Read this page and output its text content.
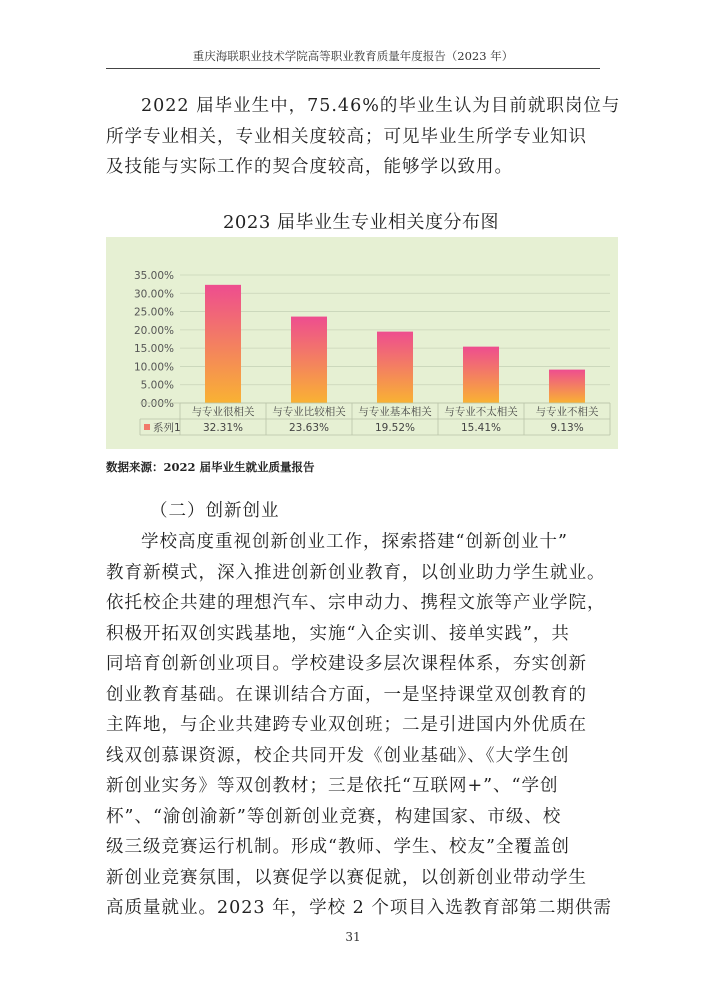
重庆海联职业技术学院高等职业教育质量年度报告（2023 年）
2022 届毕业生中，75.46%的毕业生认为目前就职岗位与
所学专业相关，专业相关度较高；可见毕业生所学专业知识
及技能与实际工作的契合度较高，能够学以致用。
2023 届毕业生专业相关度分布图
0.00%
5.00%
10.00%
15.00%
20.00%
25.00%
30.00%
35.00%
与专业很相关
32.31%
与专业比较相关
23.63%
与专业基本相关
19.52%
与专业不太相关
15.41%
与专业不相关
9.13%
系列1
数据来源：2022 届毕业生就业质量报告
（二）创新创业
学校高度重视创新创业工作，探索搭建“创新创业十”
教育新模式，深入推进创新创业教育，以创业助力学生就业。
依托校企共建的理想汽车、宗申动力、携程文旅等产业学院，
积极开拓双创实践基地，实施“入企实训、接单实践”，共
同培育创新创业项目。学校建设多层次课程体系，夯实创新
创业教育基础。在课训结合方面，一是坚持课堂双创教育的
主阵地，与企业共建跨专业双创班；二是引进国内外优质在
线双创慕课资源，校企共同开发《创业基础》、《大学生创
新创业实务》等双创教材；三是依托“互联网+”、“学创
杯”、“渝创渝新”等创新创业竞赛，构建国家、市级、校
级三级竞赛运行机制。形成“教师、学生、校友”全覆盖创
新创业竞赛氛围，以赛促学以赛促就，以创新创业带动学生
高质量就业。2023 年，学校 2 个项目入选教育部第二期供需
31
